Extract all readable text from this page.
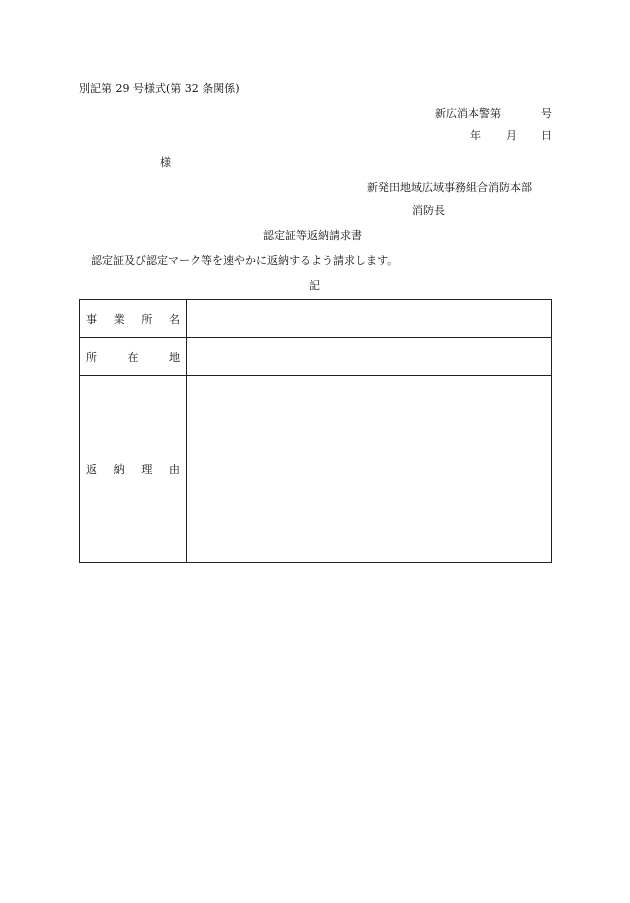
別記第 29 号様式(第 32 条関係)
新広消本警第	号
年 月 日
様
新発田地域広域事務組合消防本部
消防長
認定証等返納請求書
認定証及び認定マーク等を速やかに返納するよう請求します。
記
事 業 所 名	

所 在 地	

返 納 理 由	
